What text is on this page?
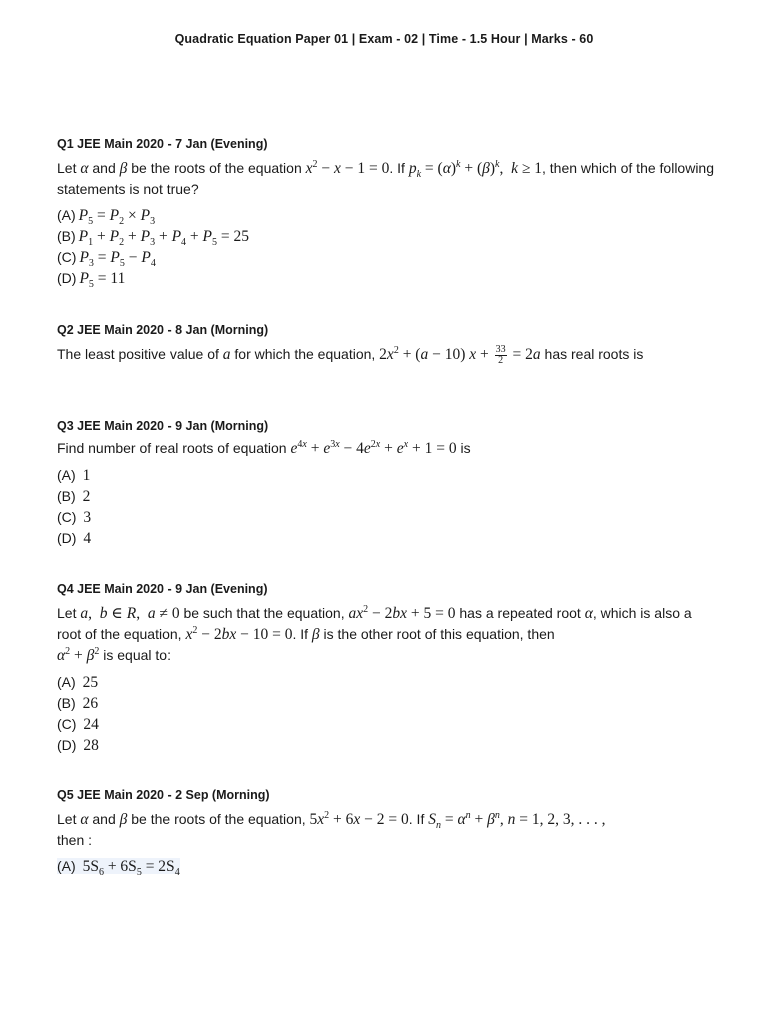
Quadratic Equation Paper 01 | Exam - 02 | Time - 1.5 Hour | Marks - 60

Q1 JEE Main 2020 - 7 Jan (Evening)

Let α and β be the roots of the equation $x^2 - x - 1 = 0$. If $p_k = (\alpha)^k + (\beta)^k$,  k ≥ 1, then which of the following statements is not true?

(A) $P_5 = P_2 \times P_3$
(B) $P_1 + P_2 + P_3 + P_4 + P_5 = 25$
(C) $P_3 = P_5 - P_4$
(D) $P_5 = 11$

Q2 JEE Main 2020 - 8 Jan (Morning)

The least positive value of a for which the equation, $2x^2 + (a - 10) x + \frac{33}{2} = 2a$ has real roots is

Q3 JEE Main 2020 - 9 Jan (Morning)

Find number of real roots of equation $e^{4x} + e^{3x} - 4e^{2x} + e^x + 1 = 0$ is

(A) 1
(B) 2
(C) 3
(D) 4

Q4 JEE Main 2020 - 9 Jan (Evening)

Let a,  b ∈ R,  a ≠ 0 be such that the equation, $ax^2 - 2bx + 5 = 0$ has a repeated root α, which is also a root of the equation, $x^2 - 2bx - 10 = 0$. If β is the other root of this equation, then
$\alpha^2 + \beta^2$ is equal to:

(A) 25
(B) 26
(C) 24
(D) 28

Q5 JEE Main 2020 - 2 Sep (Morning)

Let α and β be the roots of the equation, $5x^2 + 6x - 2 = 0$. If $S_n = \alpha^n + \beta^n$, n = 1, 2, 3, . . . ,
then :

(A) $5S_6 + 6S_5 = 2S_4$
